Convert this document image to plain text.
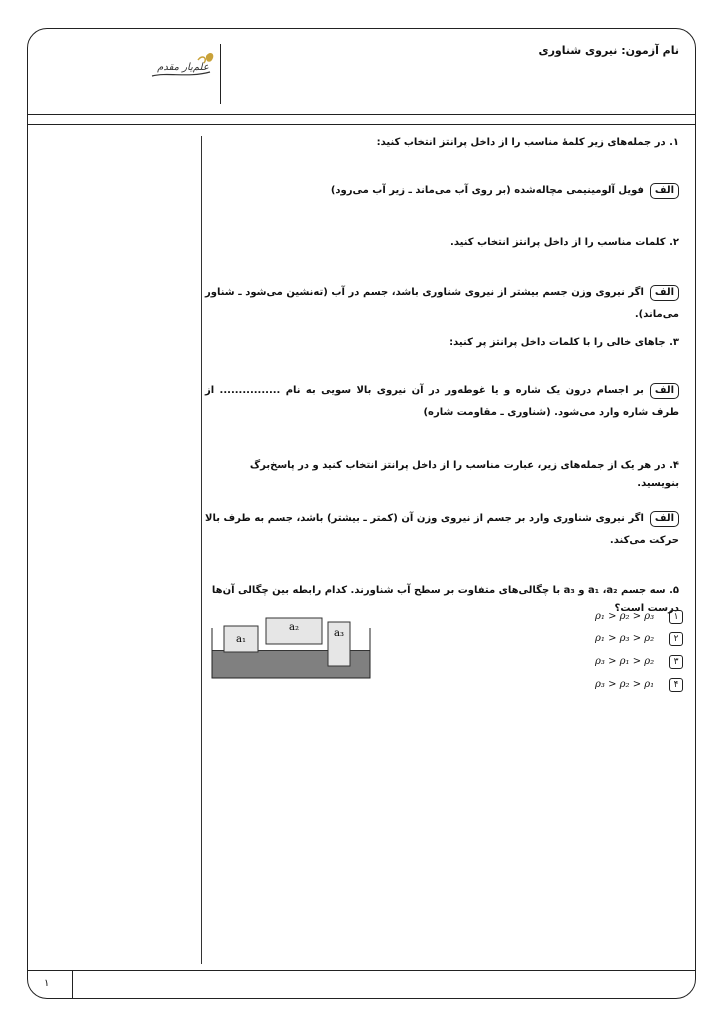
نام آزمون: نیروی شناوری
علم‌یار مقدم
۱
۱. در جمله‌های زیر کلمهٔ مناسب را از داخل پرانتز انتخاب کنید:
الففویل آلومینیمی مچاله‌شده (بر روی آب می‌ماند ـ زیر آب می‌رود)
۲. کلمات مناسب را از داخل پرانتز انتخاب کنید.
الفاگر نیروی وزن جسم بیشتر از نیروی شناوری باشد، جسم در آب (ته‌نشین می‌شود ـ شناور می‌ماند).
۳. جاهای خالی را با کلمات داخل پرانتز پر کنید:
الفبر اجسام درون یک شاره و یا غوطه‌ور در آن نیروی بالا سویی به نام ................ از طرف شاره وارد می‌شود. (شناوری ـ مقاومت شاره)
۴. در هر یک از جمله‌های زیر، عبارت مناسب را از داخل پرانتز انتخاب کنید و در پاسخ‌برگ بنویسید.
الفاگر نیروی شناوری وارد بر جسم از نیروی وزن آن (کمتر ـ بیشتر) باشد، جسم به طرف بالا حرکت می‌کند.
۵. سه جسم a₁ ،a₂ و a₃ با چگالی‌های متفاوت بر سطح آب شناورند. کدام رابطه بین چگالی آن‌ها درست است؟
a₁
a₂
a₃
۱
ρ₁ > ρ₂ > ρ₃
۲
ρ₁ > ρ₃ > ρ₂
۳
ρ₃ > ρ₁ > ρ₂
۴
ρ₃ > ρ₂ > ρ₁
